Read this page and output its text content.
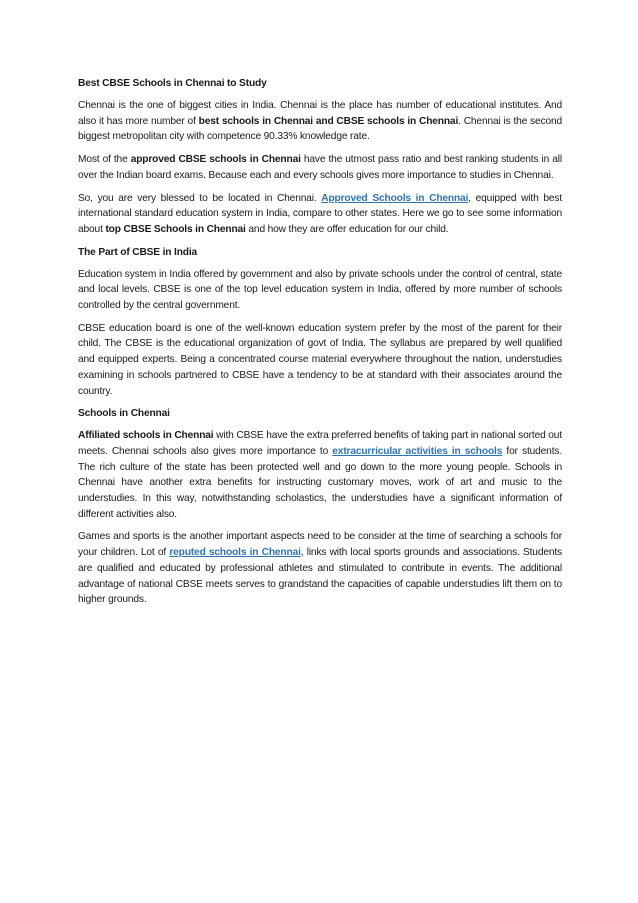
Best CBSE Schools in Chennai to Study

Chennai is the one of biggest cities in India. Chennai is the place has number of educational institutes. And also it has more number of best schools in Chennai and CBSE schools in Chennai. Chennai is the second biggest metropolitan city with competence 90.33% knowledge rate.

Most of the approved CBSE schools in Chennai have the utmost pass ratio and best ranking students in all over the Indian board exams. Because each and every schools gives more importance to studies in Chennai.

So, you are very blessed to be located in Chennai. Approved Schools in Chennai, equipped with best international standard education system in India, compare to other states. Here we go to see some information about top CBSE Schools in Chennai and how they are offer education for our child.

The Part of CBSE in India

Education system in India offered by government and also by private schools under the control of central, state and local levels. CBSE is one of the top level education system in India, offered by more number of schools controlled by the central government.

CBSE education board is one of the well-known education system prefer by the most of the parent for their child. The CBSE is the educational organization of govt of India. The syllabus are prepared by well qualified and equipped experts. Being a concentrated course material everywhere throughout the nation, understudies examining in schools partnered to CBSE have a tendency to be at standard with their associates around the country.

Schools in Chennai

Affiliated schools in Chennai with CBSE have the extra preferred benefits of taking part in national sorted out meets. Chennai schools also gives more importance to extracurricular activities in schools for students. The rich culture of the state has been protected well and go down to the more young people. Schools in Chennai have another extra benefits for instructing customary moves, work of art and music to the understudies. In this way, notwithstanding scholastics, the understudies have a significant information of different activities also.

Games and sports is the another important aspects need to be consider at the time of searching a schools for your children. Lot of reputed schools in Chennai, links with local sports grounds and associations. Students are qualified and educated by professional athletes and stimulated to contribute in events. The additional advantage of national CBSE meets serves to grandstand the capacities of capable understudies lift them on to higher grounds.
